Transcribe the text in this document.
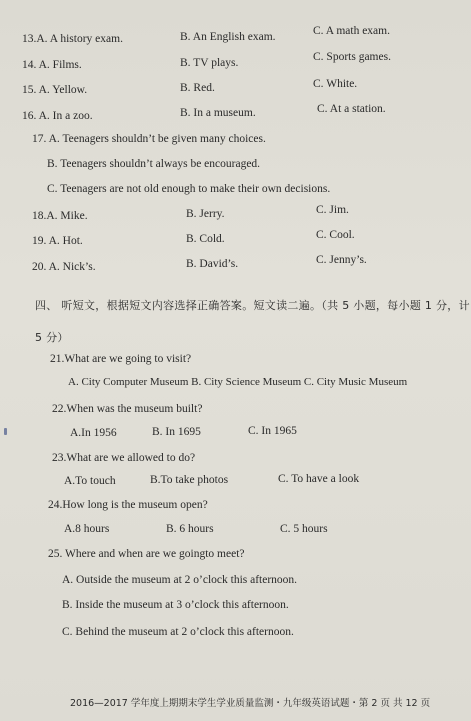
13.A. A history exam.	B. An English exam.	C. A math exam.
14. A. Films.	B. TV plays.	C. Sports games.
15. A. Yellow.	B. Red.	C. White.
16. A. In a zoo.	B. In a museum.	C. At a station.
17. A. Teenagers shouldn’t be given many choices.
B. Teenagers shouldn’t always be encouraged.
C. Teenagers are not old enough to make their own decisions.
18.A. Mike.	B. Jerry.	C. Jim.
19. A. Hot.	B. Cold.	C. Cool.
20. A. Nick’s.	B. David’s.	C. Jenny’s.
四、 听短文，根据短文内容选择正确答案。短文读二遍。（共 5 小题，每小题 1 分，计
5 分）
21.What are we going to visit?
A. City Computer Museum B. City Science Museum C. City Music Museum
22.When was the museum built?
A.In 1956	B. In 1695	C. In 1965
23.What are we allowed to do?
A.To touch	B.To take photos	C. To have a look
24.How long is the museum open?
A.8 hours	B. 6 hours	C. 5 hours
25. Where and when are we goingto meet?
A. Outside the museum at 2 o’clock this afternoon.
B. Inside the museum at 3 o’clock this afternoon.
C. Behind the museum at 2 o’clock this afternoon.
2016—2017 学年度上期期末学生学业质量监测・九年级英语试题・第 2 页 共 12 页
